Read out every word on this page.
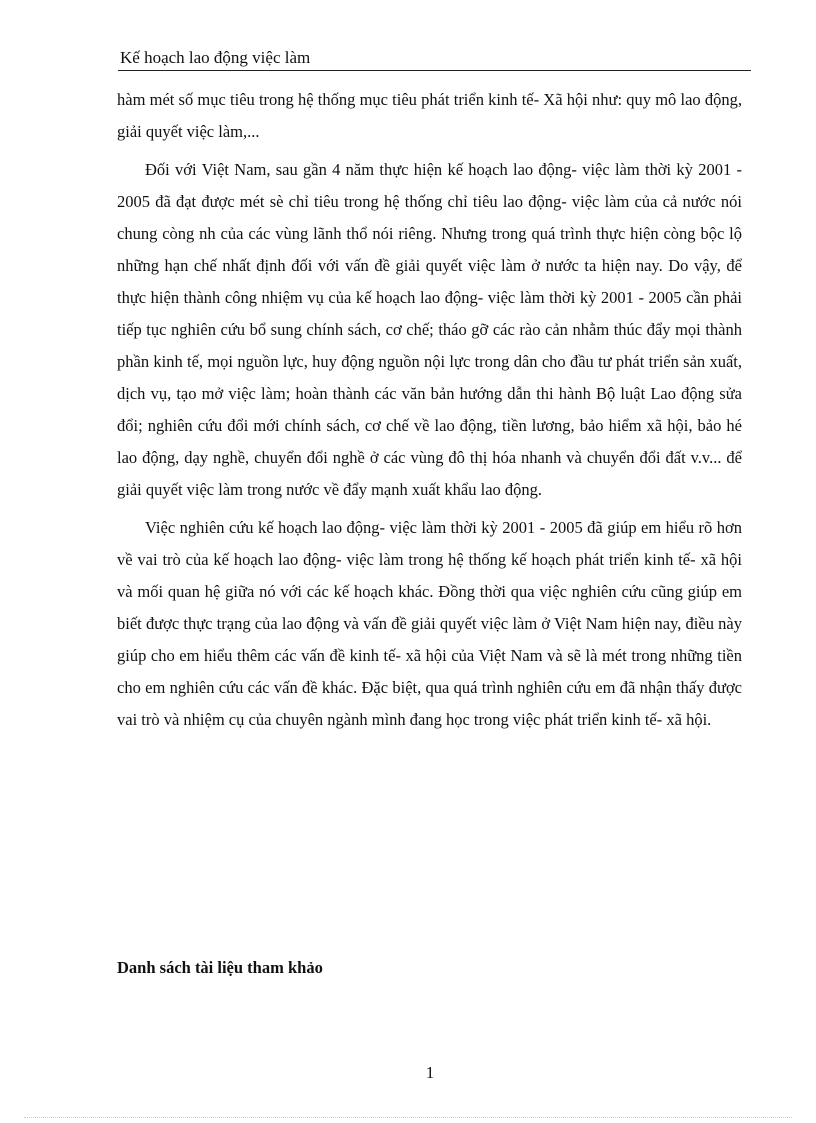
Kế hoạch lao động việc làm

hàm mét số mục tiêu trong hệ thống mục tiêu phát triển kinh tế- Xã hội như: quy mô lao động, giải quyết việc làm,...

Đối với Việt Nam, sau gần 4 năm thực hiện kế hoạch lao động- việc làm thời kỳ 2001 - 2005 đã đạt được mét sè chỉ tiêu trong hệ thống chỉ tiêu lao động- việc làm của cả nước nói chung còng nh của các vùng lãnh thổ nói riêng. Nhưng trong quá trình thực hiện còng bộc lộ những hạn chế nhất định đối với vấn đề giải quyết việc làm ở nước ta hiện nay. Do vậy, để thực hiện thành công nhiệm vụ của kế hoạch lao động- việc làm thời kỳ 2001 - 2005 cần phải tiếp tục nghiên cứu bổ sung chính sách, cơ chế; tháo gỡ các rào cản nhằm thúc đẩy mọi thành phần kinh tế, mọi nguồn lực, huy động nguồn nội lực trong dân cho đầu tư phát triển sản xuất, dịch vụ, tạo mở việc làm; hoàn thành các văn bản hướng dẫn thi hành Bộ luật Lao động sửa đổi; nghiên cứu đổi mới chính sách, cơ chế về lao động, tiền lương, bảo hiểm xã hội, bảo hé lao động, dạy nghề, chuyển đổi nghề ở các vùng đô thị hóa nhanh và chuyển đổi đất v.v... để giải quyết việc làm trong nước về đẩy mạnh xuất khẩu lao động.

Việc nghiên cứu kế hoạch lao động- việc làm thời kỳ 2001 - 2005 đã giúp em hiểu rõ hơn về vai trò của kế hoạch lao động- việc làm trong hệ thống kế hoạch phát triển kinh tế- xã hội và mối quan hệ giữa nó với các kế hoạch khác. Đồng thời qua việc nghiên cứu cũng giúp em biết được thực trạng của lao động và vấn đề giải quyết việc làm ở Việt Nam hiện nay, điều này giúp cho em hiểu thêm các vấn đề kinh tế- xã hội của Việt Nam và sẽ là mét trong những tiền cho em nghiên cứu các vấn đề khác. Đặc biệt, qua quá trình nghiên cứu em đã nhận thấy được vai trò và nhiệm cụ của chuyên ngành mình đang học trong việc phát triển kinh tế- xã hội.

Danh sách tài liệu tham khảo
1
